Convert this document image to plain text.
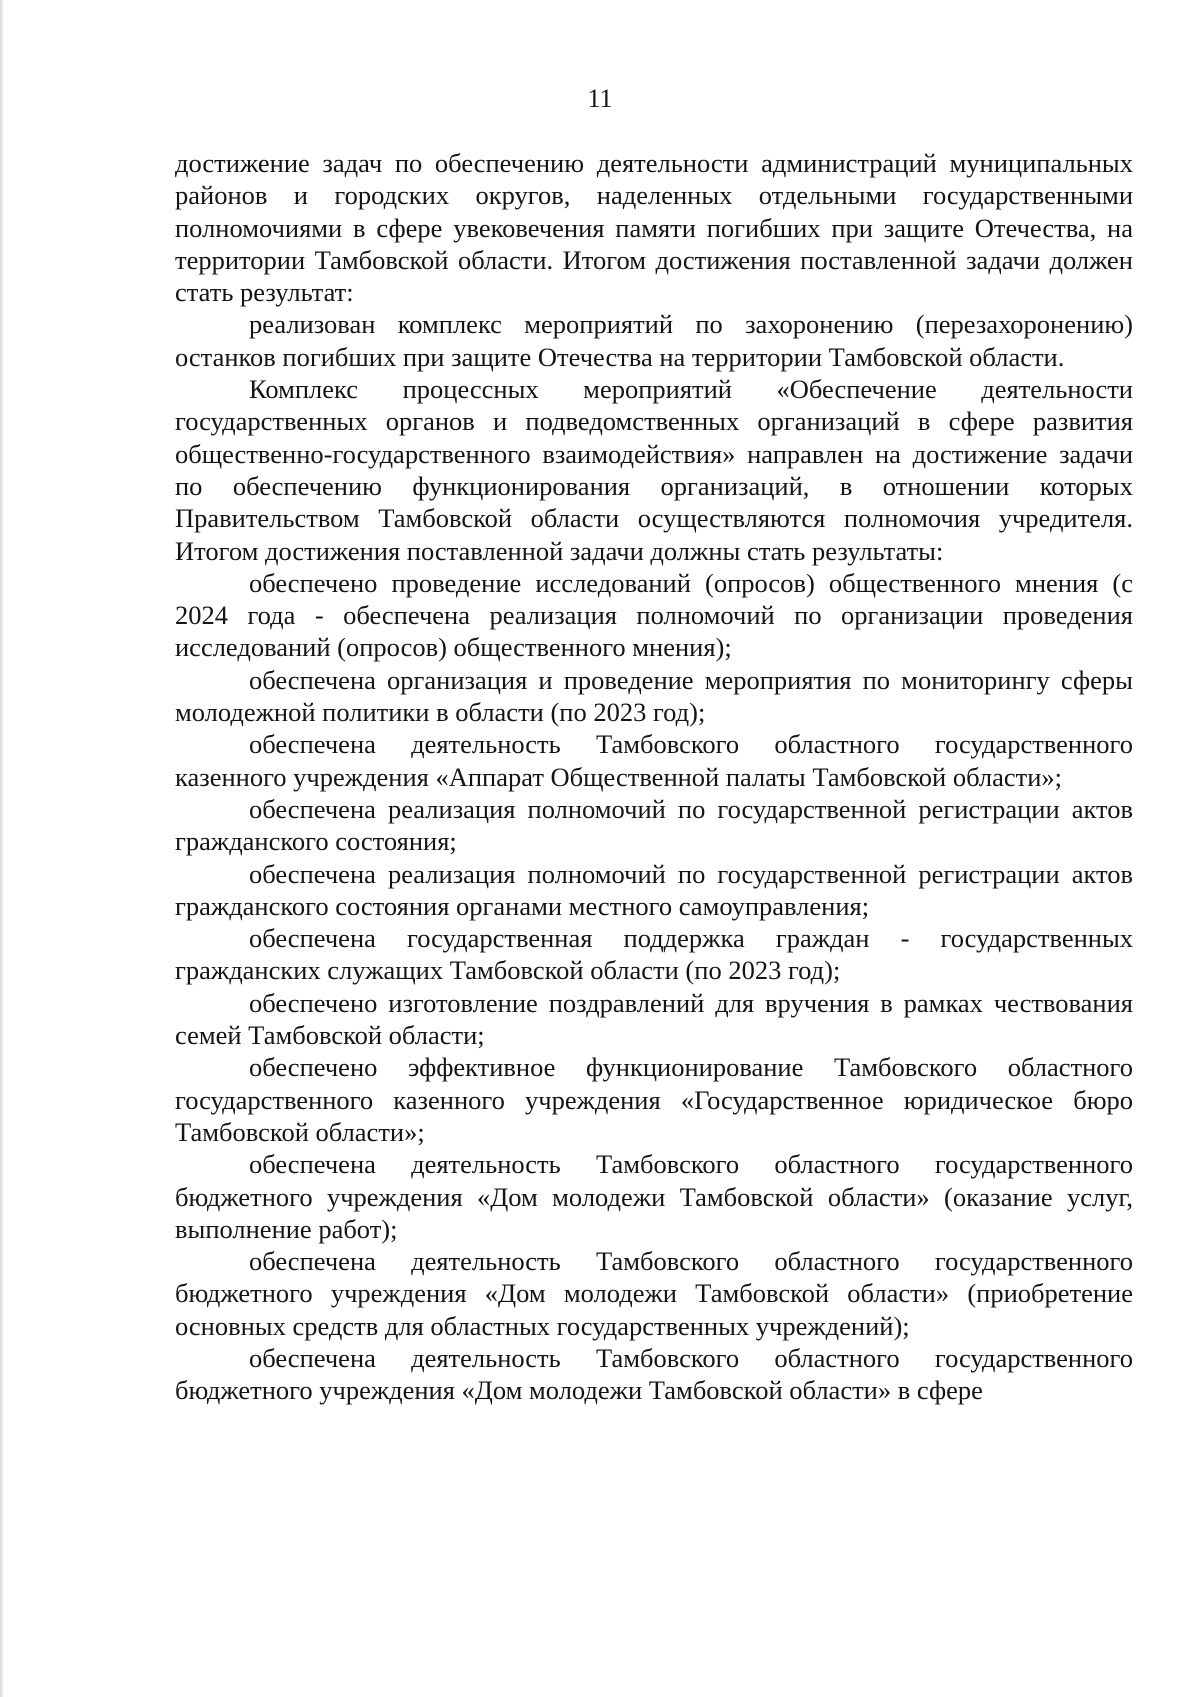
11

достижение задач по обеспечению деятельности администраций муниципальных районов и городских округов, наделенных отдельными государственными полномочиями в сфере увековечения памяти погибших при защите Отечества, на территории Тамбовской области. Итогом достижения поставленной задачи должен стать результат:

реализован комплекс мероприятий по захоронению (перезахоронению) останков погибших при защите Отечества на территории Тамбовской области.

Комплекс процессных мероприятий «Обеспечение деятельности государственных органов и подведомственных организаций в сфере развития общественно-государственного взаимодействия» направлен на достижение задачи по обеспечению функционирования организаций, в отношении которых Правительством Тамбовской области осуществляются полномочия учредителя. Итогом достижения поставленной задачи должны стать результаты:

обеспечено проведение исследований (опросов) общественного мнения (с 2024 года - обеспечена реализация полномочий по организации проведения исследований (опросов) общественного мнения);

обеспечена организация и проведение мероприятия по мониторингу сферы молодежной политики в области (по 2023 год);

обеспечена деятельность Тамбовского областного государственного казенного учреждения «Аппарат Общественной палаты Тамбовской области»;

обеспечена реализация полномочий по государственной регистрации актов гражданского состояния;

обеспечена реализация полномочий по государственной регистрации актов гражданского состояния органами местного самоуправления;

обеспечена государственная поддержка граждан - государственных гражданских служащих Тамбовской области (по 2023 год);

обеспечено изготовление поздравлений для вручения в рамках чествования семей Тамбовской области;

обеспечено эффективное функционирование Тамбовского областного государственного казенного учреждения «Государственное юридическое бюро Тамбовской области»;

обеспечена деятельность Тамбовского областного государственного бюджетного учреждения «Дом молодежи Тамбовской области» (оказание услуг, выполнение работ);

обеспечена деятельность Тамбовского областного государственного бюджетного учреждения «Дом молодежи Тамбовской области» (приобретение основных средств для областных государственных учреждений);

обеспечена деятельность Тамбовского областного государственного бюджетного учреждения «Дом молодежи Тамбовской области» в сфере
